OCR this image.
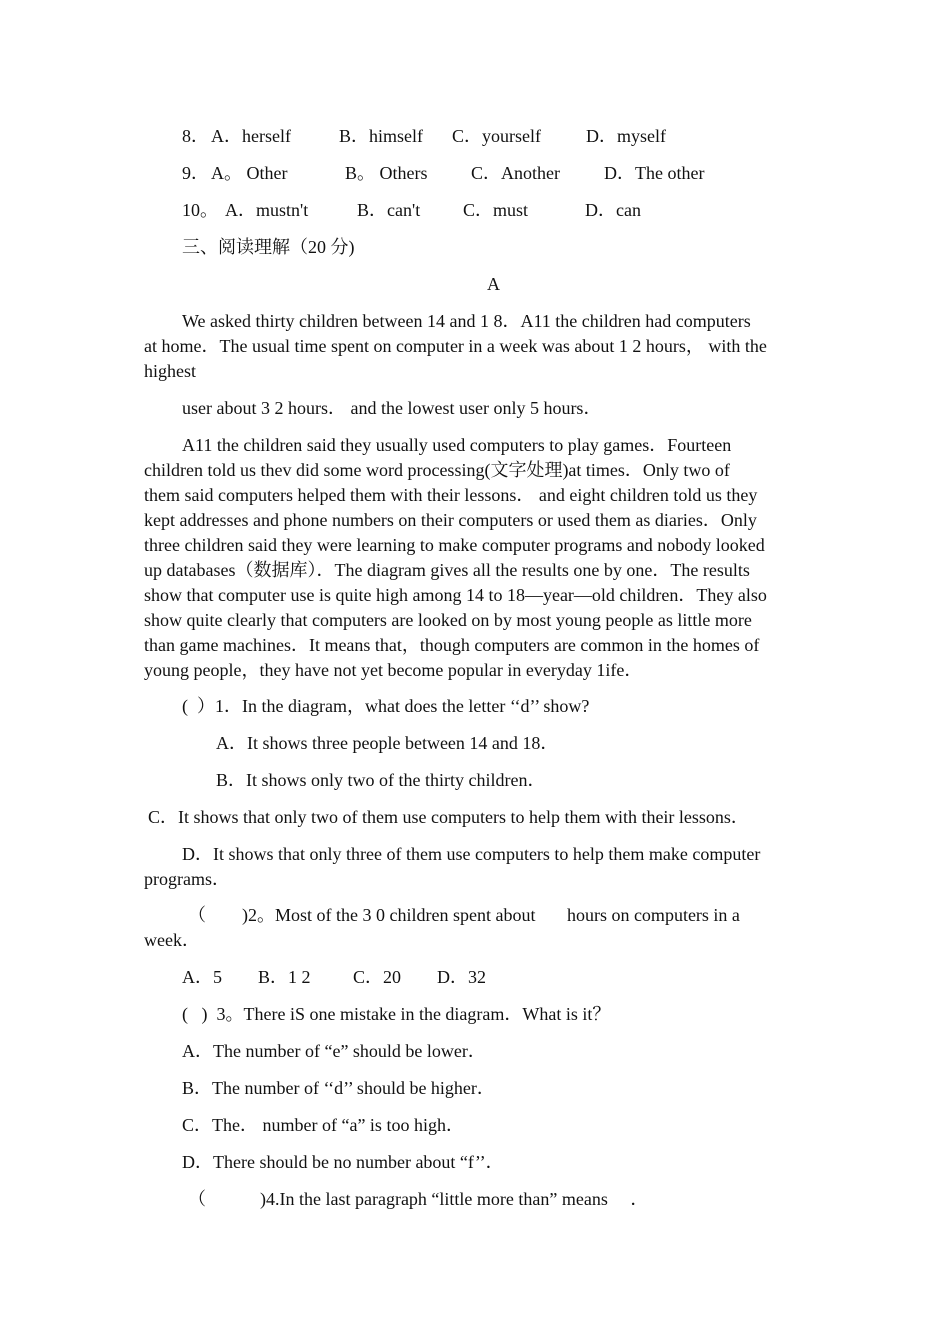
8． A．herself	B．himself C．yourself	D．myself
9． A。 Other	B。 Others C．Another D．The other
10。 A．mustn't	B．can't C．must	D．can
三、阅读理解（20 分)
A
We asked thirty children between 14 and 1 8．A11 the children had computers
at home．The usual time spent on computer in a week was about 1 2 hours， with the
highest
user about 3 2 hours． and the lowest user only 5 hours．
A11 the children said they usually used computers to play games．Fourteen
children told us thev did some word processing(文字处理)at times．Only two of
them said computers helped them with their lessons． and eight children told us they
kept addresses and phone numbers on their computers or used them as diaries．Only
three children said they were learning to make computer programs and nobody looked
up databases（数据库）．The diagram gives all the results one by one．The results
show that computer use is quite high among 14 to 18—year—old children．They also
show quite clearly that computers are looked on by most young people as little more
than game machines．It means that，though computers are common in the homes of
young people，they have not yet become popular in everyday 1ife．
(  ）1．In the diagram，what does the letter ‘‘d’’ show?
A．It shows three people between 14 and 18．
B．It shows only two of the thirty children．
C．It shows that only two of them use computers to help them with their lessons．
D．It shows that only three of them use computers to help them make computer
programs．
（        )2。Most of the 3 0 children spent about       hours on computers in a
week．
A．5 B．1 2 C．20 D．32
(   )  3。There iS one mistake in the diagram．What is it？
A．The number of “e” should be lower．
B．The number of ‘‘d’’ should be higher．
C．The． number of “a” is too high．
D．There should be no number about “f’’．
（            )4.In the last paragraph “little more than” means     ．
